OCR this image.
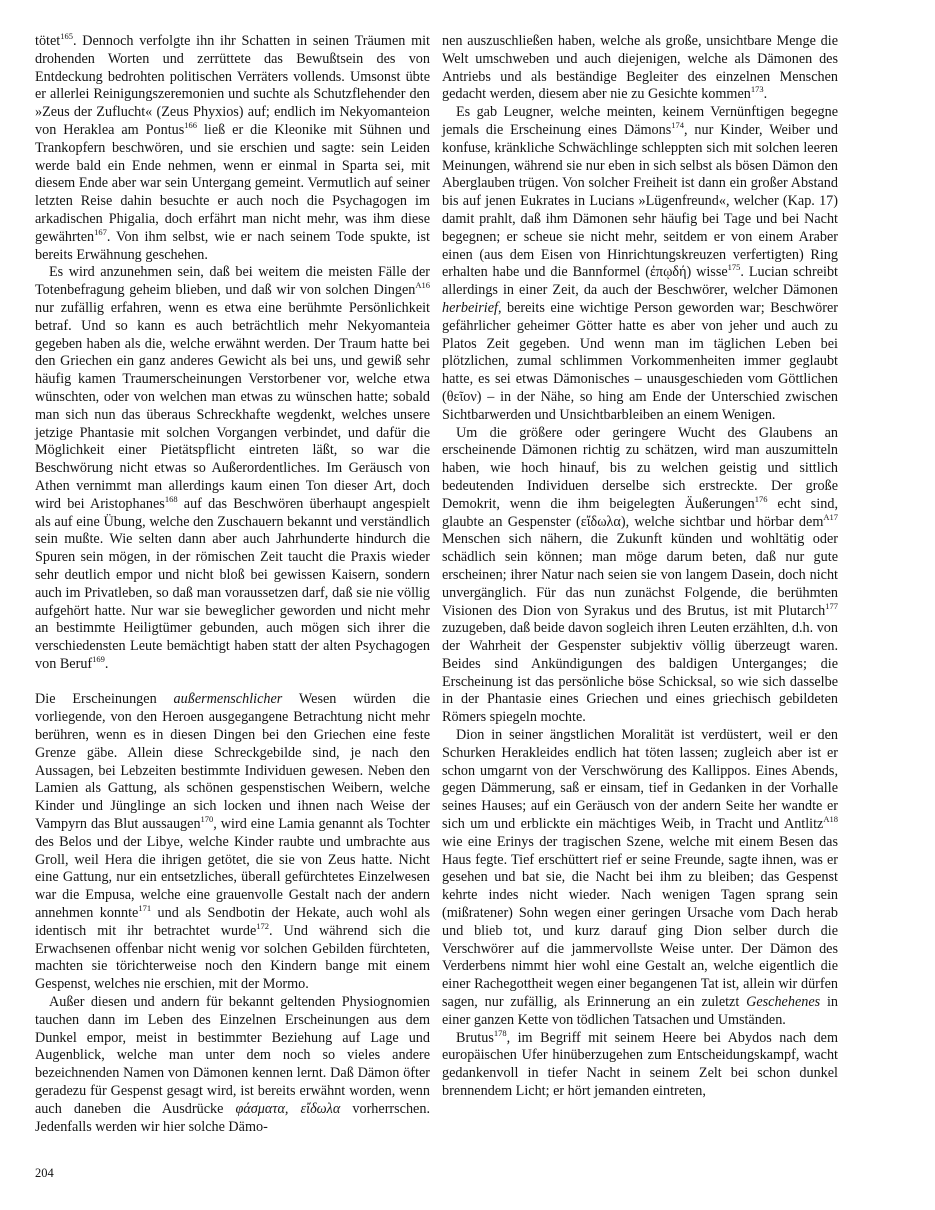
tötet$^{165}$. Dennoch verfolgte ihn ihr Schatten in seinen Träumen mit drohenden Worten und zerrüttete das Bewußtsein des von Entdeckung bedrohten politischen Verräters vollends. Umsonst übte er allerlei Reinigungszeremonien und suchte als Schutzflehender den »Zeus der Zuflucht« (Zeus Phyxios) auf; endlich im Nekyomanteion von Heraklea am Pontus$^{166}$ ließ er die Kleonike mit Sühnen und Trankopfern beschwören, und sie erschien und sagte: sein Leiden werde bald ein Ende nehmen, wenn er einmal in Sparta sei, mit diesem Ende aber war sein Untergang gemeint. Vermutlich auf seiner letzten Reise dahin besuchte er auch noch die Psychagogen im arkadischen Phigalia, doch erfährt man nicht mehr, was ihm diese gewährten$^{167}$. Von ihm selbst, wie er nach seinem Tode spukte, ist bereits Erwähnung geschehen.

Es wird anzunehmen sein, daß bei weitem die meisten Fälle der Totenbefragung geheim blieben, und daß wir von solchen Dingen$^{A16}$ nur zufällig erfahren, wenn es etwa eine berühmte Persönlichkeit betraf. Und so kann es auch beträchtlich mehr Nekyomanteia gegeben haben als die, welche erwähnt werden. Der Traum hatte bei den Griechen ein ganz anderes Gewicht als bei uns, und gewiß sehr häufig kamen Traumerscheinungen Verstorbener vor, welche etwa wünschten, oder von welchen man etwas zu wünschen hatte; sobald man sich nun das überaus Schreckhafte wegdenkt, welches unsere jetzige Phantasie mit solchen Vorgangen verbindet, und dafür die Möglichkeit einer Pietätspflicht eintreten läßt, so war die Beschwörung nicht etwas so Außerordentliches. Im Geräusch von Athen vernimmt man allerdings kaum einen Ton dieser Art, doch wird bei Aristophanes$^{168}$ auf das Beschwören überhaupt angespielt als auf eine Übung, welche den Zuschauern bekannt und verständlich sein mußte. Wie selten dann aber auch Jahrhunderte hindurch die Spuren sein mögen, in der römischen Zeit taucht die Praxis wieder sehr deutlich empor und nicht bloß bei gewissen Kaisern, sondern auch im Privatleben, so daß man voraussetzen darf, daß sie nie völlig aufgehört hatte. Nur war sie beweglicher geworden und nicht mehr an bestimmte Heiligtümer gebunden, auch mögen sich ihrer die verschiedensten Leute bemächtigt haben statt der alten Psychagogen von Beruf$^{169}$.

Die Erscheinungen außermenschlicher Wesen würden die vorliegende, von den Heroen ausgegangene Betrachtung nicht mehr berühren, wenn es in diesen Dingen bei den Griechen eine feste Grenze gäbe. Allein diese Schreckgebilde sind, je nach den Aussagen, bei Lebzeiten bestimmte Individuen gewesen. Neben den Lamien als Gattung, als schönen gespenstischen Weibern, welche Kinder und Jünglinge an sich locken und ihnen nach Weise der Vampyrn das Blut aussaugen$^{170}$, wird eine Lamia genannt als Tochter des Belos und der Libye, welche Kinder raubte und umbrachte aus Groll, weil Hera die ihrigen getötet, die sie von Zeus hatte. Nicht eine Gattung, nur ein entsetzliches, überall gefürchtetes Einzelwesen war die Empusa, welche eine grauenvolle Gestalt nach der andern annehmen konnte$^{171}$ und als Sendbotin der Hekate, auch wohl als identisch mit ihr betrachtet wurde$^{172}$. Und während sich die Erwachsenen offenbar nicht wenig vor solchen Gebilden fürchteten, machten sie törichterweise noch den Kindern bange mit einem Gespenst, welches nie erschien, mit der Mormo.

Außer diesen und andern für bekannt geltenden Physiognomien tauchen dann im Leben des Einzelnen Erscheinungen aus dem Dunkel empor, meist in bestimmter Beziehung auf Lage und Augenblick, welche man unter dem noch so vieles andere bezeichnenden Namen von Dämonen kennen lernt. Daß Dämon öfter geradezu für Gespenst gesagt wird, ist bereits erwähnt worden, wenn auch daneben die Ausdrücke φάσματα, εἴδωλα vorherrschen. Jedenfalls werden wir hier solche Dämo-

nen auszuschließen haben, welche als große, unsichtbare Menge die Welt umschweben und auch diejenigen, welche als Dämonen des Antriebs und als beständige Begleiter des einzelnen Menschen gedacht werden, diesem aber nie zu Gesichte kommen$^{173}$.

Es gab Leugner, welche meinten, keinem Vernünftigen begegne jemals die Erscheinung eines Dämons$^{174}$, nur Kinder, Weiber und konfuse, kränkliche Schwächlinge schleppten sich mit solchen leeren Meinungen, während sie nur eben in sich selbst als bösen Dämon den Aberglauben trügen. Von solcher Freiheit ist dann ein großer Abstand bis auf jenen Eukrates in Lucians »Lügenfreund«, welcher (Kap. 17) damit prahlt, daß ihm Dämonen sehr häufig bei Tage und bei Nacht begegnen; er scheue sie nicht mehr, seitdem er von einem Araber einen (aus dem Eisen von Hinrichtungskreuzen verfertigten) Ring erhalten habe und die Bannformel (ἐπῳδή) wisse$^{175}$. Lucian schreibt allerdings in einer Zeit, da auch der Beschwörer, welcher Dämonen herbeirief, bereits eine wichtige Person geworden war; Beschwörer gefährlicher geheimer Götter hatte es aber von jeher und auch zu Platos Zeit gegeben. Und wenn man im täglichen Leben bei plötzlichen, zumal schlimmen Vorkommenheiten immer geglaubt hatte, es sei etwas Dämonisches – unausgeschieden vom Göttlichen (θεῖον) – in der Nähe, so hing am Ende der Unterschied zwischen Sichtbarwerden und Unsichtbarbleiben an einem Wenigen.

Um die größere oder geringere Wucht des Glaubens an erscheinende Dämonen richtig zu schätzen, wird man auszumitteln haben, wie hoch hinauf, bis zu welchen geistig und sittlich bedeutenden Individuen derselbe sich erstreckte. Der große Demokrit, wenn die ihm beigelegten Äußerungen$^{176}$ echt sind, glaubte an Gespenster (εἴδωλα), welche sichtbar und hörbar dem$^{A17}$ Menschen sich nähern, die Zukunft künden und wohltätig oder schädlich sein können; man möge darum beten, daß nur gute erscheinen; ihrer Natur nach seien sie von langem Dasein, doch nicht unvergänglich. Für das nun zunächst Folgende, die berühmten Visionen des Dion von Syrakus und des Brutus, ist mit Plutarch$^{177}$ zuzugeben, daß beide davon sogleich ihren Leuten erzählten, d.h. von der Wahrheit der Gespenster subjektiv völlig überzeugt waren. Beides sind Ankündigungen des baldigen Unterganges; die Erscheinung ist das persönliche böse Schicksal, so wie sich dasselbe in der Phantasie eines Griechen und eines griechisch gebildeten Römers spiegeln mochte.

Dion in seiner ängstlichen Moralität ist verdüstert, weil er den Schurken Herakleides endlich hat töten lassen; zugleich aber ist er schon umgarnt von der Verschwörung des Kallippos. Eines Abends, gegen Dämmerung, saß er einsam, tief in Gedanken in der Vorhalle seines Hauses; auf ein Geräusch von der andern Seite her wandte er sich um und erblickte ein mächtiges Weib, in Tracht und Antlitz$^{A18}$ wie eine Erinys der tragischen Szene, welche mit einem Besen das Haus fegte. Tief erschüttert rief er seine Freunde, sagte ihnen, was er gesehen und bat sie, die Nacht bei ihm zu bleiben; das Gespenst kehrte indes nicht wieder. Nach wenigen Tagen sprang sein (mißratener) Sohn wegen einer geringen Ursache vom Dach herab und blieb tot, und kurz darauf ging Dion selber durch die Verschwörer auf die jammervollste Weise unter. Der Dämon des Verderbens nimmt hier wohl eine Gestalt an, welche eigentlich die einer Rachegottheit wegen einer begangenen Tat ist, allein wir dürfen sagen, nur zufällig, als Erinnerung an ein zuletzt Geschehenes in einer ganzen Kette von tödlichen Tatsachen und Umständen.

Brutus$^{178}$, im Begriff mit seinem Heere bei Abydos nach dem europäischen Ufer hinüberzugehen zum Entscheidungskampf, wacht gedankenvoll in tiefer Nacht in seinem Zelt bei schon dunkel brennendem Licht; er hört jemanden eintreten,

204
